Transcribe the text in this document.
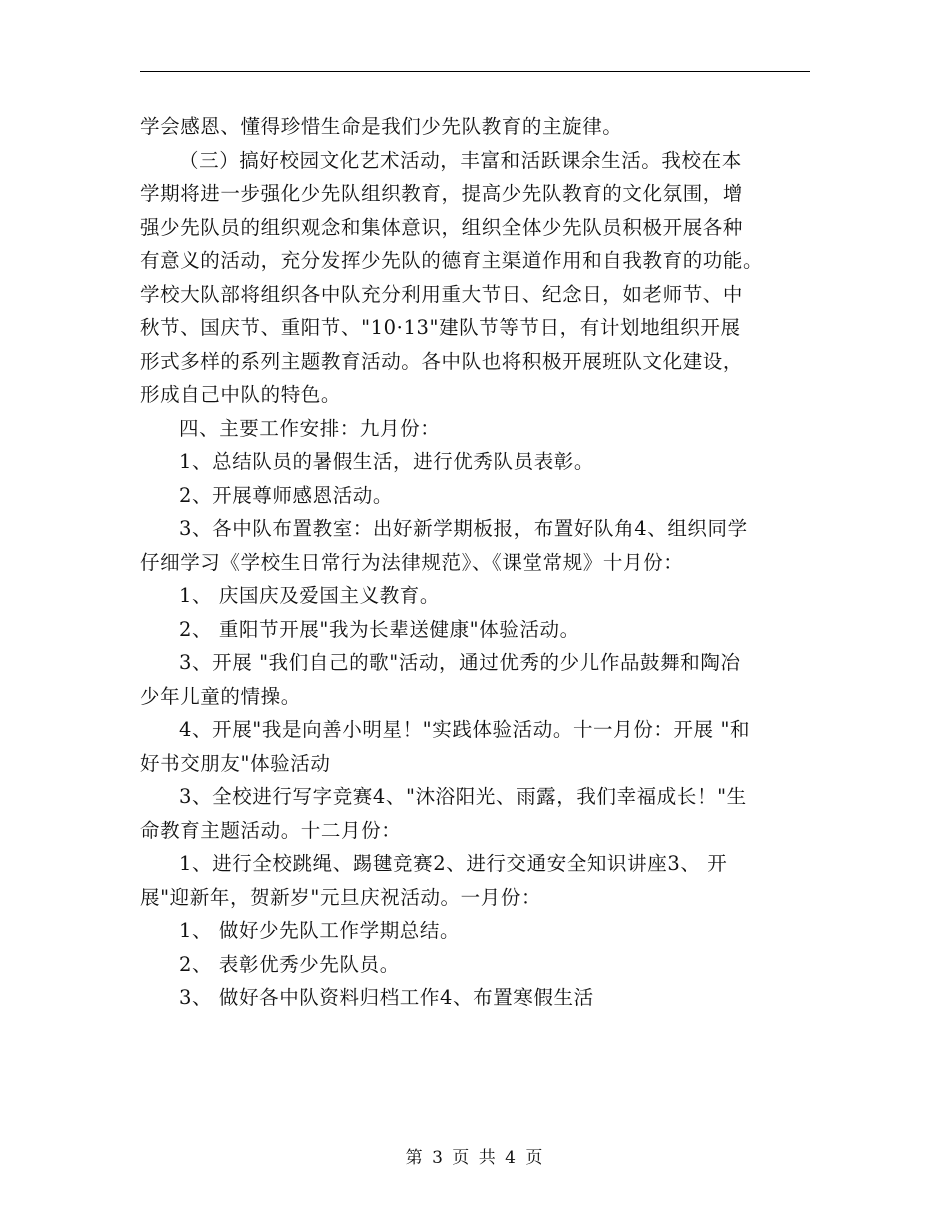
学会感恩、懂得珍惜生命是我们少先队教育的主旋律。
（三）搞好校园文化艺术活动，丰富和活跃课余生活。我校在本
学期将进一步强化少先队组织教育，提高少先队教育的文化氛围，增
强少先队员的组织观念和集体意识，组织全体少先队员积极开展各种
有意义的活动，充分发挥少先队的德育主渠道作用和自我教育的功能。
学校大队部将组织各中队充分利用重大节日、纪念日，如老师节、中
秋节、国庆节、重阳节、"10·13"建队节等节日，有计划地组织开展
形式多样的系列主题教育活动。各中队也将积极开展班队文化建设，
形成自己中队的特色。
四、主要工作安排：九月份：
1、总结队员的暑假生活，进行优秀队员表彰。
2、开展尊师感恩活动。
3、各中队布置教室：出好新学期板报，布置好队角4、组织同学
仔细学习《学校生日常行为法律规范》、《课堂常规》十月份：
1、 庆国庆及爱国主义教育。
2、 重阳节开展"我为长辈送健康"体验活动。
3、开展 "我们自己的歌"活动，通过优秀的少儿作品鼓舞和陶冶
少年儿童的情操。
4、开展"我是向善小明星！"实践体验活动。十一月份：开展 "和
好书交朋友"体验活动
3、全校进行写字竞赛4、"沐浴阳光、雨露，我们幸福成长！"生
命教育主题活动。十二月份：
1、进行全校跳绳、踢毽竞赛2、进行交通安全知识讲座3、 开
展"迎新年，贺新岁"元旦庆祝活动。一月份：
1、 做好少先队工作学期总结。
2、 表彰优秀少先队员。
3、 做好各中队资料归档工作4、布置寒假生活
第 3 页 共 4 页
